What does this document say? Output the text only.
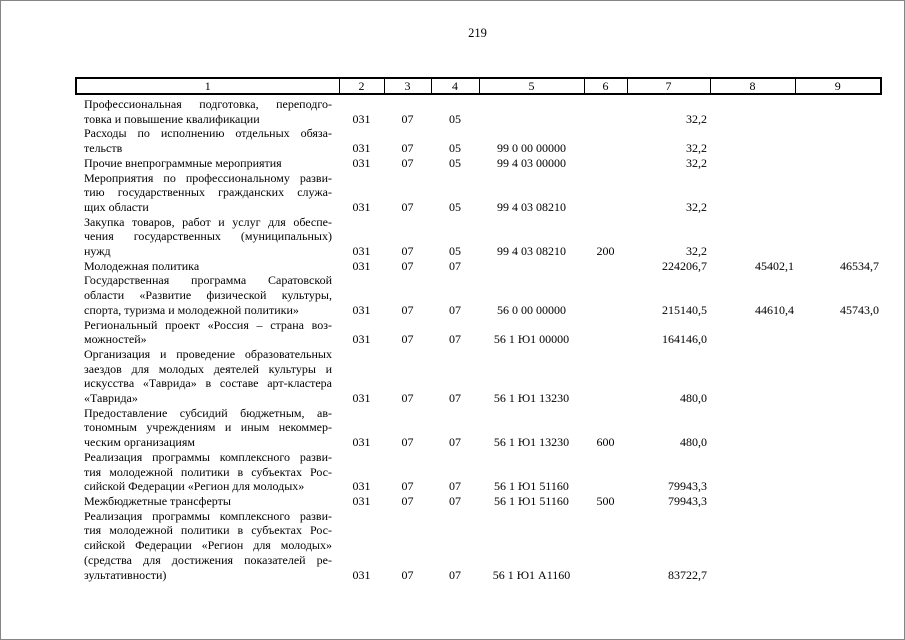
219
1	2	3	4	5	6	7	8	9

Профессиональная подготовка, переподго-
товка и повышение квалификации	031	07	05			32,2		

Расходы по исполнению отдельных обяза-
тельств	031	07	05	99 0 00 00000		32,2		

Прочие внепрограммные мероприятия	031	07	05	99 4 03 00000		32,2		

Мероприятия по профессиональному разви-
тию государственных гражданских служа-
щих области	031	07	05	99 4 03 08210		32,2		

Закупка товаров, работ и услуг для обеспе-
чения государственных (муниципальных)
нужд	031	07	05	99 4 03 08210	200	32,2		

Молодежная политика	031	07	07			224206,7	45402,1	46534,7

Государственная программа Саратовской
области «Развитие физической культуры,
спорта, туризма и молодежной политики»	031	07	07	56 0 00 00000		215140,5	44610,4	45743,0

Региональный проект «Россия – страна воз-
можностей»	031	07	07	56 1 Ю1 00000		164146,0		

Организация и проведение образовательных
заездов для молодых деятелей культуры и
искусства «Таврида» в составе арт-кластера
«Таврида»	031	07	07	56 1 Ю1 13230		480,0		

Предоставление субсидий бюджетным, ав-
тономным учреждениям и иным некоммер-
ческим организациям	031	07	07	56 1 Ю1 13230	600	480,0		

Реализация программы комплексного разви-
тия молодежной политики в субъектах Рос-
сийской Федерации «Регион для молодых»	031	07	07	56 1 Ю1 51160		79943,3		

Межбюджетные трансферты	031	07	07	56 1 Ю1 51160	500	79943,3		

Реализация программы комплексного разви-
тия молодежной политики в субъектах Рос-
сийской Федерации «Регион для молодых»
(средства для достижения показателей ре-
зультативности)	031	07	07	56 1 Ю1 А1160		83722,7		
